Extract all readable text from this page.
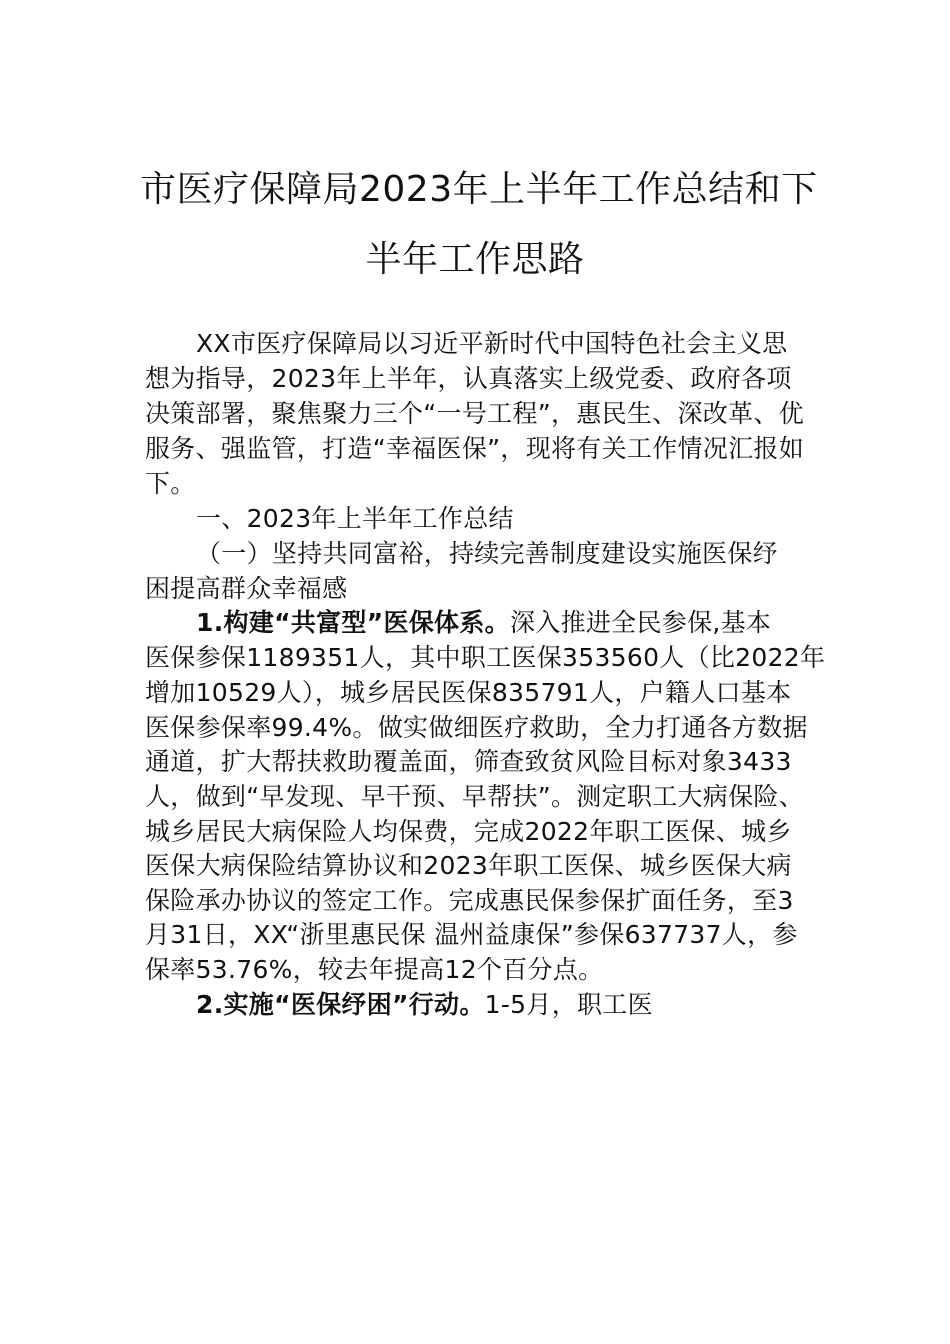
市医疗保障局2023年上半年工作总结和下
半年工作思路
XX市医疗保障局以习近平新时代中国特色社会主义思
想为指导，2023年上半年，认真落实上级党委、政府各项
决策部署，聚焦聚力三个“一号工程”，惠民生、深改革、优
服务、强监管，打造“幸福医保”，现将有关工作情况汇报如
下。
一、2023年上半年工作总结
（一）坚持共同富裕，持续完善制度建设实施医保纾
困提高群众幸福感
1.构建“共富型”医保体系。深入推进全民参保,基本
医保参保1189351人，其中职工医保353560人（比2022年
增加10529人），城乡居民医保835791人，户籍人口基本
医保参保率99.4%。做实做细医疗救助，全力打通各方数据
通道，扩大帮扶救助覆盖面，筛查致贫风险目标对象3433
人，做到“早发现、早干预、早帮扶”。测定职工大病保险、
城乡居民大病保险人均保费，完成2022年职工医保、城乡
医保大病保险结算协议和2023年职工医保、城乡医保大病
保险承办协议的签定工作。完成惠民保参保扩面任务，至3
月31日，XX“浙里惠民保 温州益康保”参保637737人，参
保率53.76%，较去年提高12个百分点。
2.实施“医保纾困”行动。1-5月，职工医
